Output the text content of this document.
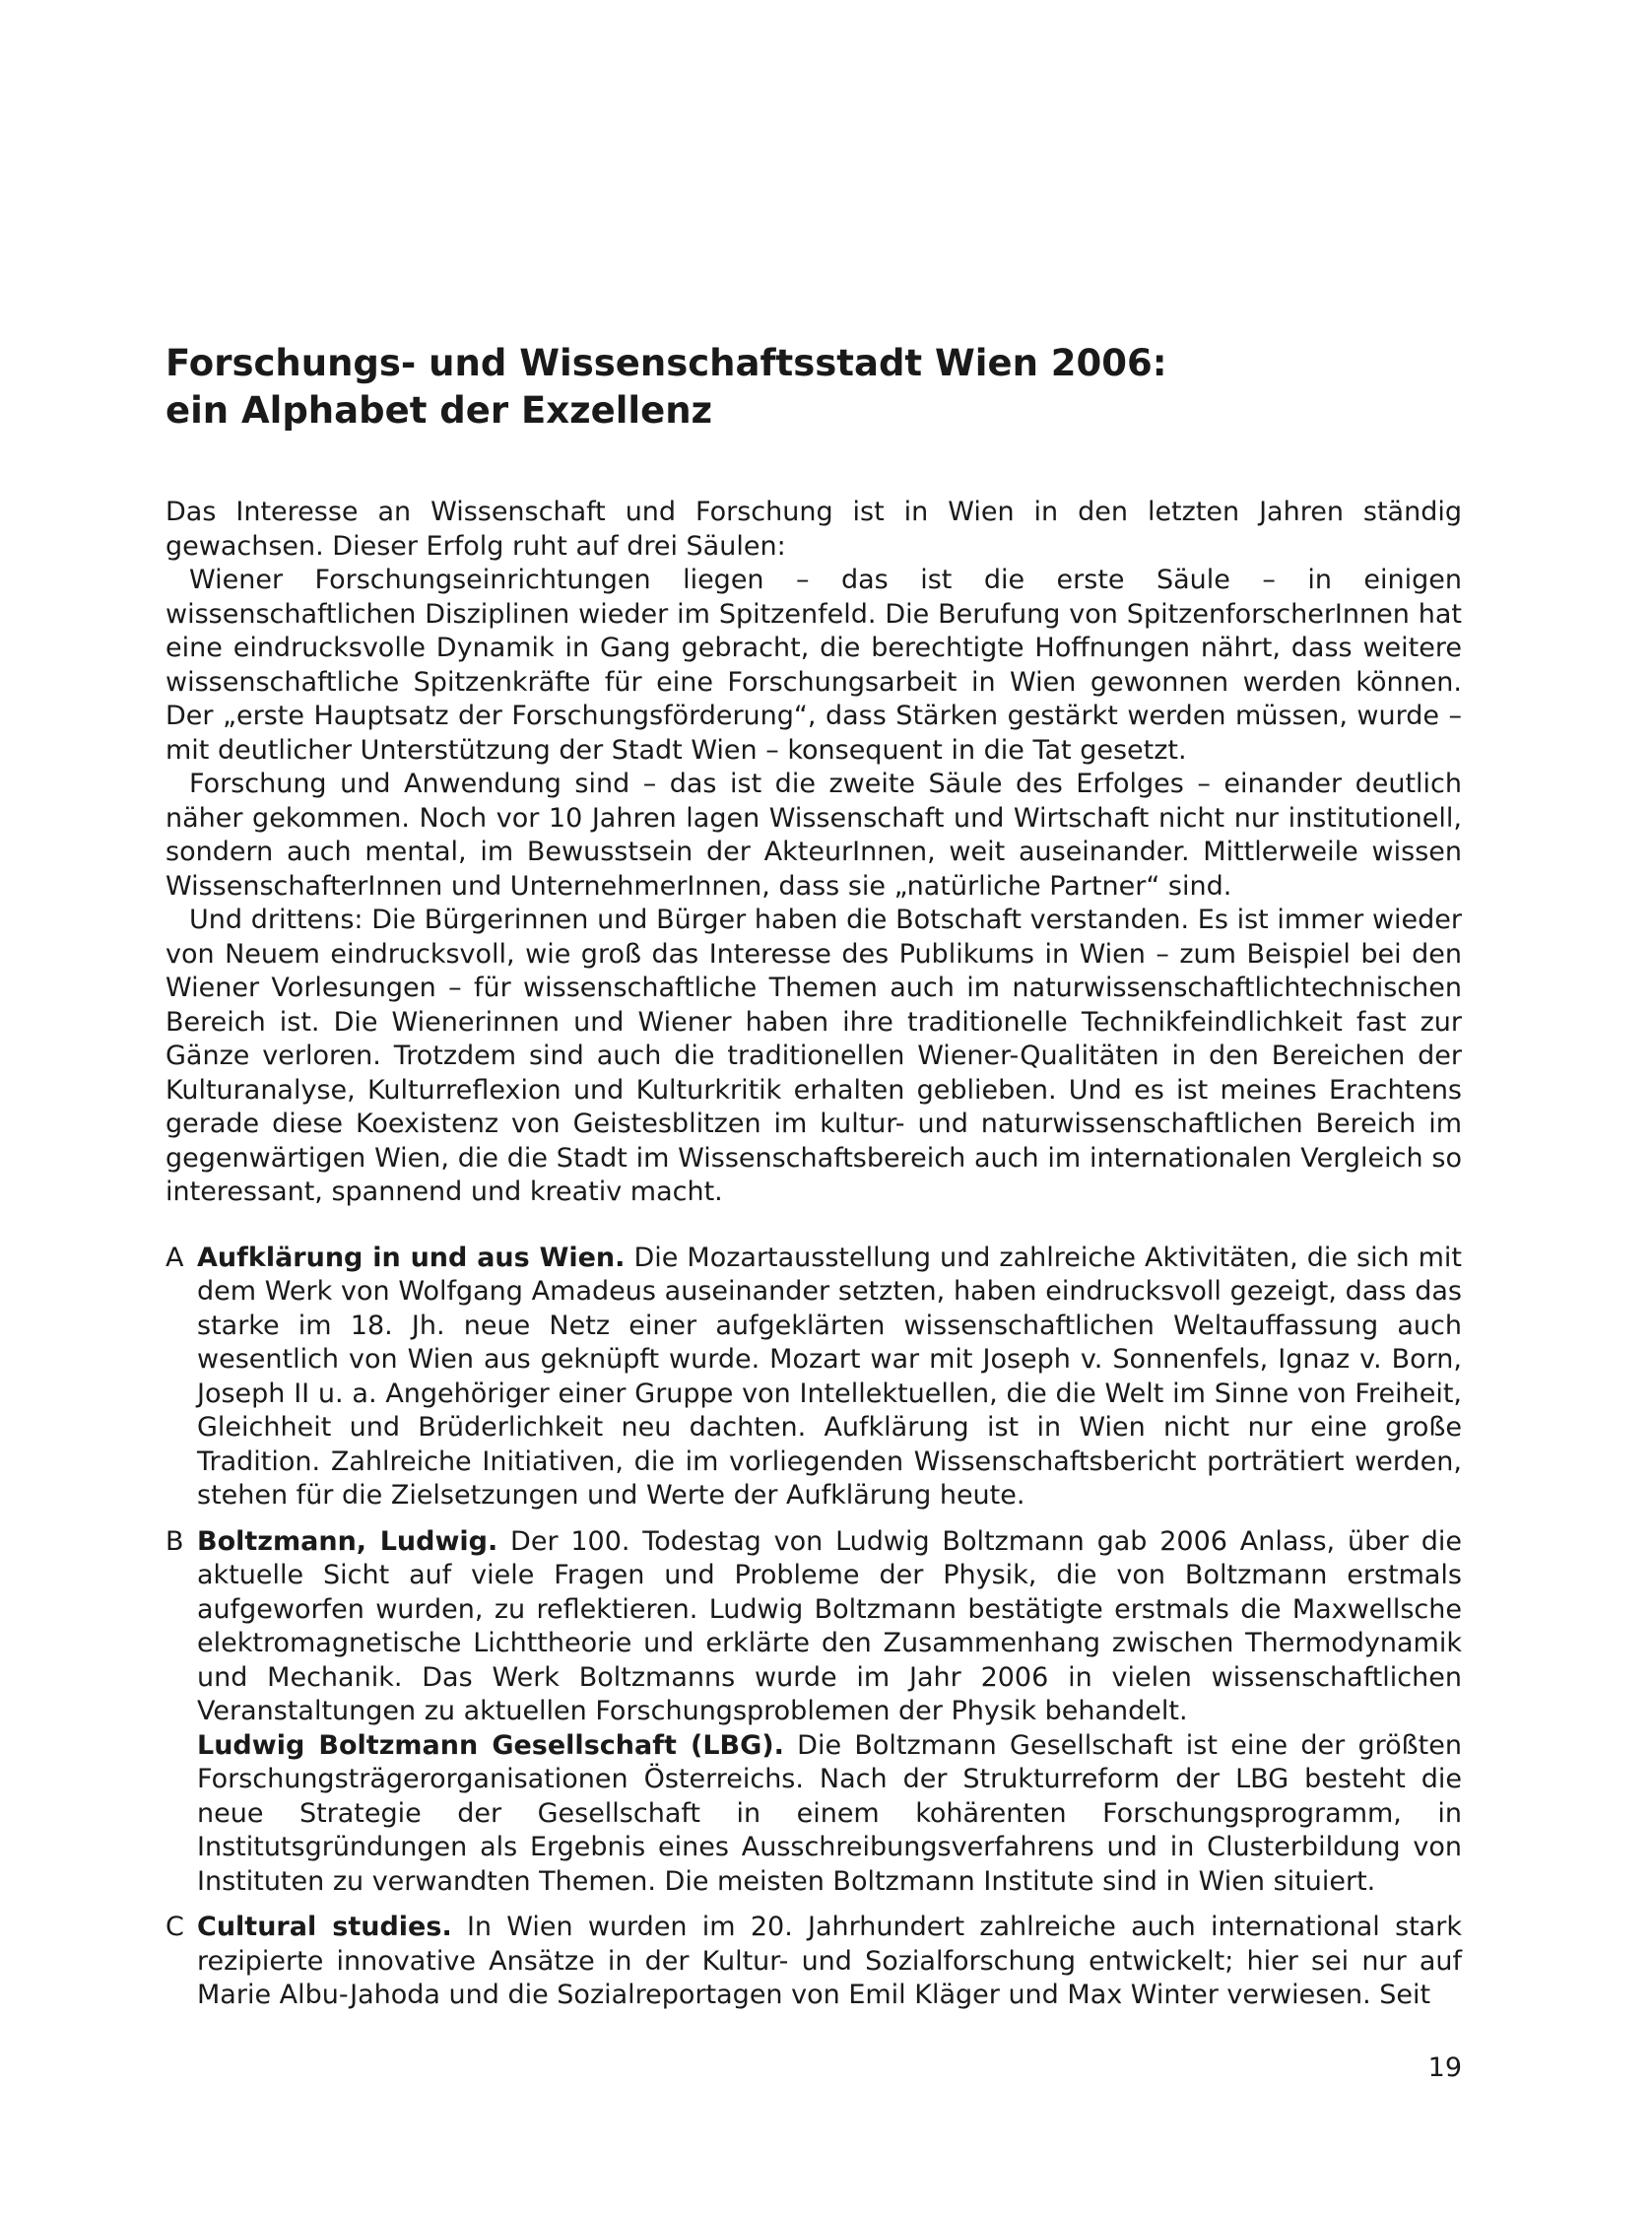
Forschungs- und Wissenschaftsstadt Wien 2006:
ein Alphabet der Exzellenz

Das Interesse an Wissenschaft und Forschung ist in Wien in den letzten Jahren ständig gewachsen. Dieser Erfolg ruht auf drei Säulen:

Wiener Forschungseinrichtungen liegen – das ist die erste Säule – in einigen wissenschaftlichen Disziplinen wieder im Spitzenfeld. Die Berufung von SpitzenforscherInnen hat eine eindrucksvolle Dynamik in Gang gebracht, die berechtigte Hoffnungen nährt, dass weitere wissenschaftliche Spitzenkräfte für eine Forschungsarbeit in Wien gewonnen werden können. Der „erste Hauptsatz der Forschungsförderung“, dass Stärken gestärkt werden müssen, wurde – mit deutlicher Unterstützung der Stadt Wien – konsequent in die Tat gesetzt.

Forschung und Anwendung sind – das ist die zweite Säule des Erfolges – einander deutlich näher gekommen. Noch vor 10 Jahren lagen Wissenschaft und Wirtschaft nicht nur institutionell, sondern auch mental, im Bewusstsein der AkteurInnen, weit auseinander. Mittlerweile wissen WissenschafterInnen und UnternehmerInnen, dass sie „natürliche Partner“ sind.

Und drittens: Die Bürgerinnen und Bürger haben die Botschaft verstanden. Es ist immer wieder von Neuem eindrucksvoll, wie groß das Interesse des Publikums in Wien – zum Beispiel bei den Wiener Vorlesungen – für wissenschaftliche Themen auch im naturwissenschaftlichtechnischen Bereich ist. Die Wienerinnen und Wiener haben ihre traditionelle Technikfeindlichkeit fast zur Gänze verloren. Trotzdem sind auch die traditionellen Wiener-Qualitäten in den Bereichen der Kulturanalyse, Kulturreflexion und Kulturkritik erhalten geblieben. Und es ist meines Erachtens gerade diese Koexistenz von Geistesblitzen im kultur- und naturwissenschaftlichen Bereich im gegenwärtigen Wien, die die Stadt im Wissenschaftsbereich auch im internationalen Vergleich so interessant, spannend und kreativ macht.

A Aufklärung in und aus Wien. Die Mozartausstellung und zahlreiche Aktivitäten, die sich mit dem Werk von Wolfgang Amadeus auseinander setzten, haben eindrucksvoll gezeigt, dass das starke im 18. Jh. neue Netz einer aufgeklärten wissenschaftlichen Weltauffassung auch wesentlich von Wien aus geknüpft wurde. Mozart war mit Joseph v. Sonnenfels, Ignaz v. Born, Joseph II u. a. Angehöriger einer Gruppe von Intellektuellen, die die Welt im Sinne von Freiheit, Gleichheit und Brüderlichkeit neu dachten. Aufklärung ist in Wien nicht nur eine große Tradition. Zahlreiche Initiativen, die im vorliegenden Wissenschaftsbericht porträtiert werden, stehen für die Zielsetzungen und Werte der Aufklärung heute.

B Boltzmann, Ludwig. Der 100. Todestag von Ludwig Boltzmann gab 2006 Anlass, über die aktuelle Sicht auf viele Fragen und Probleme der Physik, die von Boltzmann erstmals aufgeworfen wurden, zu reflektieren. Ludwig Boltzmann bestätigte erstmals die Maxwellsche elektromagnetische Lichttheorie und erklärte den Zusammenhang zwischen Thermodynamik und Mechanik. Das Werk Boltzmanns wurde im Jahr 2006 in vielen wissenschaftlichen Veranstaltungen zu aktuellen Forschungsproblemen der Physik behandelt.

Ludwig Boltzmann Gesellschaft (LBG). Die Boltzmann Gesellschaft ist eine der größten Forschungsträgerorganisationen Österreichs. Nach der Strukturreform der LBG besteht die neue Strategie der Gesellschaft in einem kohärenten Forschungsprogramm, in Institutsgründungen als Ergebnis eines Ausschreibungsverfahrens und in Clusterbildung von Instituten zu verwandten Themen. Die meisten Boltzmann Institute sind in Wien situiert.

C Cultural studies. In Wien wurden im 20. Jahrhundert zahlreiche auch international stark rezipierte innovative Ansätze in der Kultur- und Sozialforschung entwickelt; hier sei nur auf Marie Albu-Jahoda und die Sozialreportagen von Emil Kläger und Max Winter verwiesen. Seit

19
